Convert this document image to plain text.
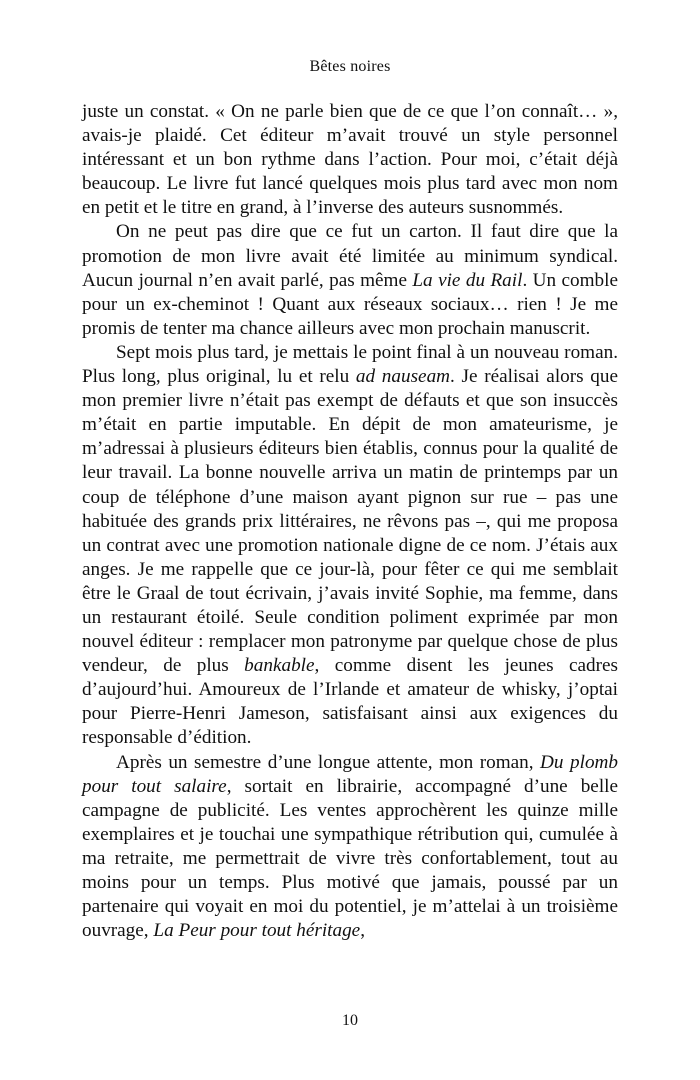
Bêtes noires

juste un constat. « On ne parle bien que de ce que l’on connaît… », avais-je plaidé. Cet éditeur m’avait trouvé un style personnel intéressant et un bon rythme dans l’action. Pour moi, c’était déjà beaucoup. Le livre fut lancé quelques mois plus tard avec mon nom en petit et le titre en grand, à l’inverse des auteurs susnommés.

On ne peut pas dire que ce fut un carton. Il faut dire que la promotion de mon livre avait été limitée au minimum syndical. Aucun journal n’en avait parlé, pas même La vie du Rail. Un comble pour un ex-cheminot ! Quant aux réseaux sociaux… rien ! Je me promis de tenter ma chance ailleurs avec mon prochain manuscrit.

Sept mois plus tard, je mettais le point final à un nouveau roman. Plus long, plus original, lu et relu ad nauseam. Je réalisai alors que mon premier livre n’était pas exempt de défauts et que son insuccès m’était en partie imputable. En dépit de mon amateurisme, je m’adressai à plusieurs éditeurs bien établis, connus pour la qualité de leur travail. La bonne nouvelle arriva un matin de printemps par un coup de téléphone d’une maison ayant pignon sur rue – pas une habituée des grands prix littéraires, ne rêvons pas –, qui me proposa un contrat avec une promotion nationale digne de ce nom. J’étais aux anges. Je me rappelle que ce jour-là, pour fêter ce qui me semblait être le Graal de tout écrivain, j’avais invité Sophie, ma femme, dans un restaurant étoilé. Seule condition poliment exprimée par mon nouvel éditeur : remplacer mon patronyme par quelque chose de plus vendeur, de plus bankable, comme disent les jeunes cadres d’aujourd’hui. Amoureux de l’Irlande et amateur de whisky, j’optai pour Pierre-Henri Jameson, satisfaisant ainsi aux exigences du responsable d’édition.

Après un semestre d’une longue attente, mon roman, Du plomb pour tout salaire, sortait en librairie, accompagné d’une belle campagne de publicité. Les ventes approchèrent les quinze mille exemplaires et je touchai une sympathique rétribution qui, cumulée à ma retraite, me permettrait de vivre très confortablement, tout au moins pour un temps. Plus motivé que jamais, poussé par un partenaire qui voyait en moi du potentiel, je m’attelai à un troisième ouvrage, La Peur pour tout héritage,

10
